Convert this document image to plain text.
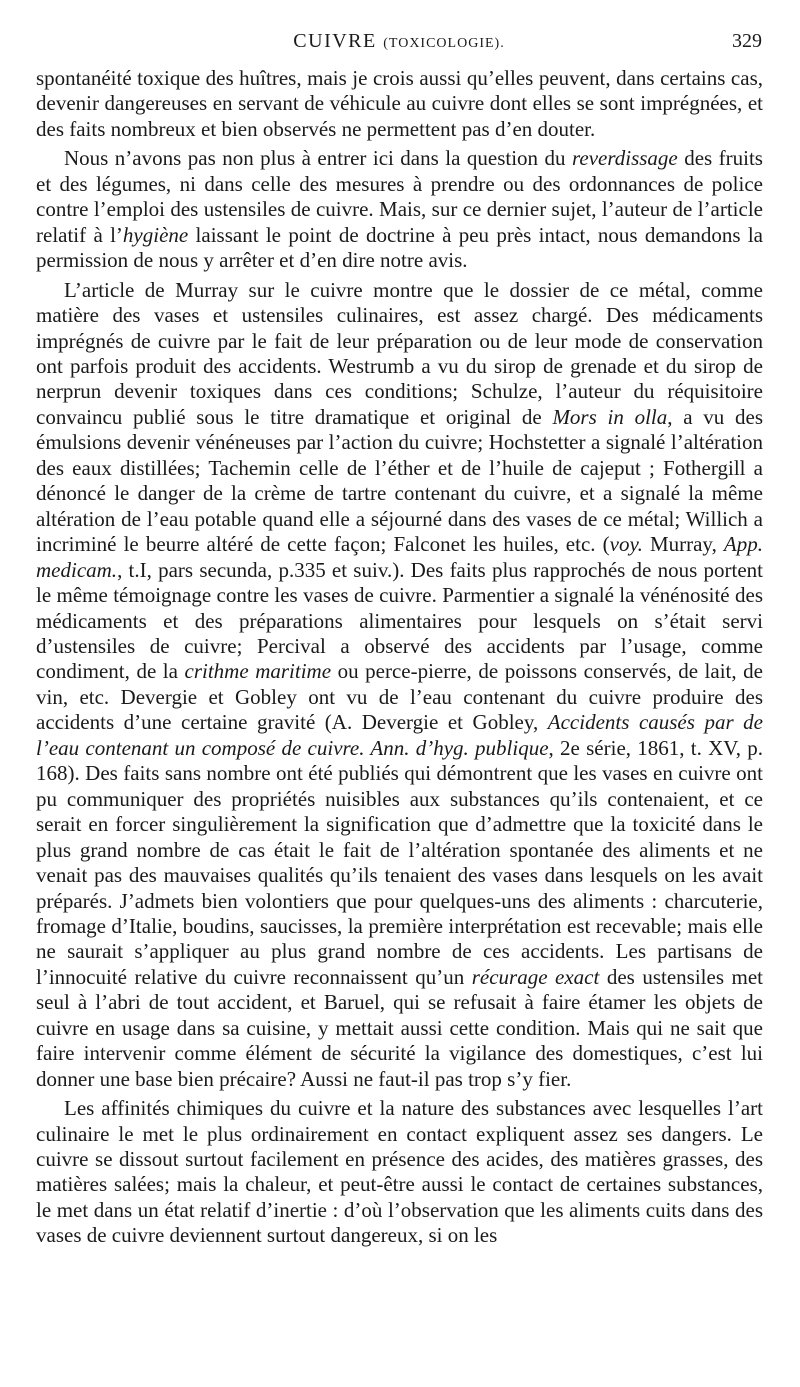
CUIVRE (TOXICOLOGIE).	329

spontanéité toxique des huîtres, mais je crois aussi qu’elles peuvent, dans certains cas, devenir dangereuses en servant de véhicule au cuivre dont elles se sont imprégnées, et des faits nombreux et bien observés ne permettent pas d’en douter.

Nous n’avons pas non plus à entrer ici dans la question du reverdissage des fruits et des légumes, ni dans celle des mesures à prendre ou des ordonnances de police contre l’emploi des ustensiles de cuivre. Mais, sur ce dernier sujet, l’auteur de l’article relatif à l’hygiène laissant le point de doctrine à peu près intact, nous demandons la permission de nous y arrêter et d’en dire notre avis.

L’article de Murray sur le cuivre montre que le dossier de ce métal, comme matière des vases et ustensiles culinaires, est assez chargé. Des médicaments imprégnés de cuivre par le fait de leur préparation ou de leur mode de conservation ont parfois produit des accidents. Westrumb a vu du sirop de grenade et du sirop de nerprun devenir toxiques dans ces conditions; Schulze, l’auteur du réquisitoire convaincu publié sous le titre dramatique et original de Mors in olla, a vu des émulsions devenir vénéneuses par l’action du cuivre; Hochstetter a signalé l’altération des eaux distillées; Tachemin celle de l’éther et de l’huile de cajeput ; Fothergill a dénoncé le danger de la crème de tartre contenant du cuivre, et a signalé la même altération de l’eau potable quand elle a séjourné dans des vases de ce métal; Willich a incriminé le beurre altéré de cette façon; Falconet les huiles, etc. (voy. Murray, App. medicam., t.I, pars secunda, p.335 et suiv.). Des faits plus rapprochés de nous portent le même témoignage contre les vases de cuivre. Parmentier a signalé la vénénosité des médicaments et des préparations alimentaires pour lesquels on s’était servi d’ustensiles de cuivre; Percival a observé des accidents par l’usage, comme condiment, de la crithme maritime ou perce-pierre, de poissons conservés, de lait, de vin, etc. Devergie et Gobley ont vu de l’eau contenant du cuivre produire des accidents d’une certaine gravité (A. Devergie et Gobley, Accidents causés par de l’eau contenant un composé de cuivre. Ann. d’hyg. publique, 2e série, 1861, t. XV, p. 168). Des faits sans nombre ont été publiés qui démontrent que les vases en cuivre ont pu communiquer des propriétés nuisibles aux substances qu’ils contenaient, et ce serait en forcer singulièrement la signification que d’admettre que la toxicité dans le plus grand nombre de cas était le fait de l’altération spontanée des aliments et ne venait pas des mauvaises qualités qu’ils tenaient des vases dans lesquels on les avait préparés. J’admets bien volontiers que pour quelques-uns des aliments : charcuterie, fromage d’Italie, boudins, saucisses, la première interprétation est recevable; mais elle ne saurait s’appliquer au plus grand nombre de ces accidents. Les partisans de l’innocuité relative du cuivre reconnaissent qu’un récurage exact des ustensiles met seul à l’abri de tout accident, et Baruel, qui se refusait à faire étamer les objets de cuivre en usage dans sa cuisine, y mettait aussi cette condition. Mais qui ne sait que faire intervenir comme élément de sécurité la vigilance des domestiques, c’est lui donner une base bien précaire? Aussi ne faut-il pas trop s’y fier.

Les affinités chimiques du cuivre et la nature des substances avec lesquelles l’art culinaire le met le plus ordinairement en contact expliquent assez ses dangers. Le cuivre se dissout surtout facilement en présence des acides, des matières grasses, des matières salées; mais la chaleur, et peut-être aussi le contact de certaines substances, le met dans un état relatif d’inertie : d’où l’observation que les aliments cuits dans des vases de cuivre deviennent surtout dangereux, si on les
